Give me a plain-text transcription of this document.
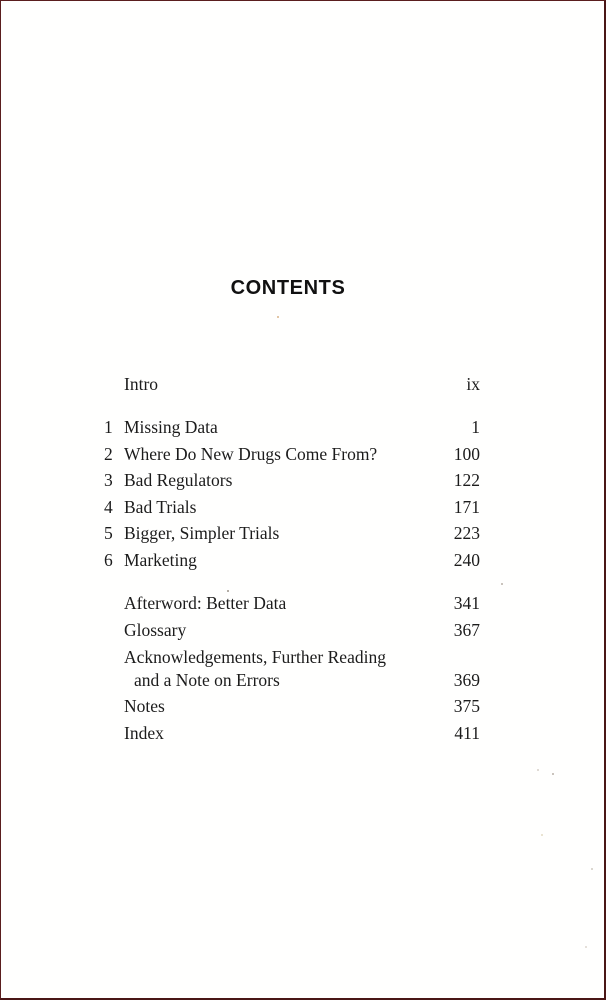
CONTENTS
Intro	ix
1 Missing Data	1
2 Where Do New Drugs Come From?	100
3 Bad Regulators	122
4 Bad Trials	171
5 Bigger, Simpler Trials	223
6 Marketing	240
Afterword: Better Data	341
Glossary	367
Acknowledgements, Further Reading
and a Note on Errors	369
Notes	375
Index	411
